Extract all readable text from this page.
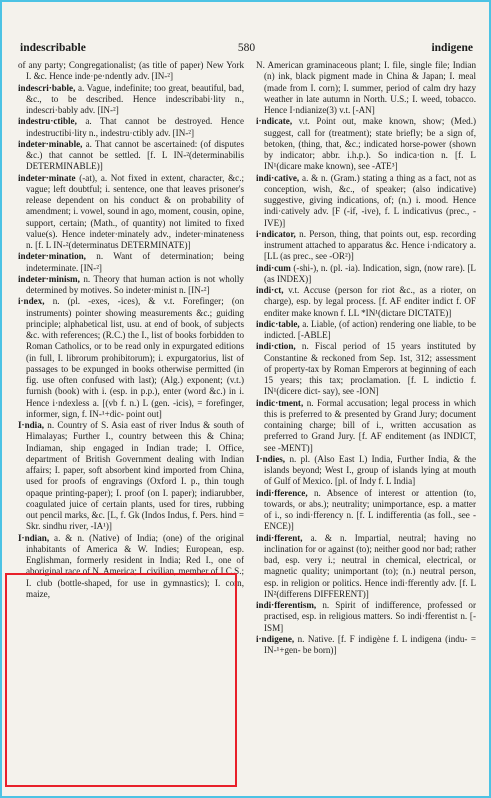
indescribable	580	indigene

of any party; Congregationalist; (as title of paper) New York I. &c. Hence inde·pe·ndently adv. [IN-²]

indescri·bable, a. Vague, indefinite; too great, beautiful, bad, &c., to be described. Hence indescribabi·lity n., indescri·bably adv. [IN-²]

indestru·ctible, a. That cannot be destroyed. Hence indestructibi·lity n., indestru·ctibly adv. [IN-²]

indeter·minable, a. That cannot be ascertained: (of disputes &c.) that cannot be settled. [f. L IN-²(determinabilis DETERMINABLE)]

indeter·minate (-at), a. Not fixed in extent, character, &c.; vague; left doubtful; i. sentence, one that leaves prisoner's release dependent on his conduct & on probability of amendment; i. vowel, sound in ago, moment, cousin, opine, support, certain; (Math., of quantity) not limited to fixed value(s). Hence indeter·minately adv., indeter·minateness n. [f. L IN-²(determinatus DETERMINATE)]

indeter·mination, n. Want of determination; being indeterminate. [IN-²]

indeter·minism, n. Theory that human action is not wholly determined by motives. So indeter·minist n. [IN-²]

i·ndex, n. (pl. -exes, -ices), & v.t. Forefinger; (on instruments) pointer showing measurements &c.; guiding principle; alphabetical list, usu. at end of book, of subjects &c. with references; (R.C.) the I., list of books forbidden to Roman Catholics, or to be read only in expurgated editions (in full, I. librorum prohibitorum); i. expurgatorius, list of passages to be expunged in books otherwise permitted (in fig. use often confused with last); (Alg.) exponent; (v.t.) furnish (book) with i. (esp. in p.p.), enter (word &c.) in i. Hence i·ndexless a. [(vb f. n.) L (gen. -icis), = forefinger, informer, sign, f. IN-¹+dic- point out]

I·ndia, n. Country of S. Asia east of river Indus & south of Himalayas; Further I., country between this & China; Indiaman, ship engaged in Indian trade; I. Office, department of British Government dealing with Indian affairs; I. paper, soft absorbent kind imported from China, used for proofs of engravings (Oxford I. p., thin tough opaque printing-paper); I. proof (on I. paper); indiarubber, coagulated juice of certain plants, used for tires, rubbing out pencil marks, &c. [L, f. Gk (Indos Indus, f. Pers. hind = Skr. sindhu river, -IA¹)]

I·ndian, a. & n. (Native) of India; (one) of the original inhabitants of America & W. Indies; European, esp. Englishman, formerly resident in India; Red I., one of aboriginal race of N. America; I. civilian, member of I.C.S.; I. club (bottle-shaped, for use in gymnastics); I. corn, maize,

N. American graminaceous plant; I. file, single file; Indian (n) ink, black pigment made in China & Japan; I. meal (made from I. corn); I. summer, period of calm dry hazy weather in late autumn in North. U.S.; I. weed, tobacco. Hence I·ndianize(3) v.t. [-AN]

i·ndicate, v.t. Point out, make known, show; (Med.) suggest, call for (treatment); state briefly; be a sign of, betoken, (thing, that, &c.; indicated horse-power (shown by indicator; abbr. i.h.p.). So indica·tion n. [f. L IN¹(dicare make known), see -ATE³]

indi·cative, a. & n. (Gram.) stating a thing as a fact, not as conception, wish, &c., of speaker; (also indicative) suggestive, giving indications, of; (n.) i. mood. Hence indi·catively adv. [F (-if, -ive), f. L indicativus (prec., -IVE)]

i·ndicator, n. Person, thing, that points out, esp. recording instrument attached to apparatus &c. Hence i·ndicatory a. [LL (as prec., see -OR²)]

indi·cum (-shi-), n. (pl. -ia). Indication, sign, (now rare). [L (as INDEX)]

indi·ct, v.t. Accuse (person for riot &c., as a rioter, on charge), esp. by legal process. [f. AF enditer indict f. OF enditer make known f. LL *IN¹(dictare DICTATE)]

indic·table, a. Liable, (of action) rendering one liable, to be indicted. [-ABLE]

indi·ction, n. Fiscal period of 15 years instituted by Constantine & reckoned from Sep. 1st, 312; assessment of property-tax by Roman Emperors at beginning of each 15 years; this tax; proclamation. [f. L indictio f. IN¹(dicere dict- say), see -ION]

indic·tment, n. Formal accusation; legal process in which this is preferred to & presented by Grand Jury; document containing charge; bill of i., written accusation as preferred to Grand Jury. [f. AF enditement (as INDICT, see -MENT)]

I·ndies, n. pl. (Also East I.) India, Further India, & the islands beyond; West I., group of islands lying at mouth of Gulf of Mexico. [pl. of Indy f. L India]

indi·fference, n. Absence of interest or attention (to, towards, or abs.); neutrality; unimportance, esp. a matter of i., so indi·fferency n. [f. L indifferentia (as foll., see -ENCE)]

indi·fferent, a. & n. Impartial, neutral; having no inclination for or against (to); neither good nor bad; rather bad, esp. very i.; neutral in chemical, electrical, or magnetic quality; unimportant (to); (n.) neutral person, esp. in religion or politics. Hence indi·fferently adv. [f. L IN²(differens DIFFERENT)]

indi·fferentism, n. Spirit of indifference, professed or practised, esp. in religious matters. So indi·fferentist n. [-ISM]

i·ndigene, n. Native. [f. F indigène f. L indigena (indu- = IN-¹+gen- be born)]
